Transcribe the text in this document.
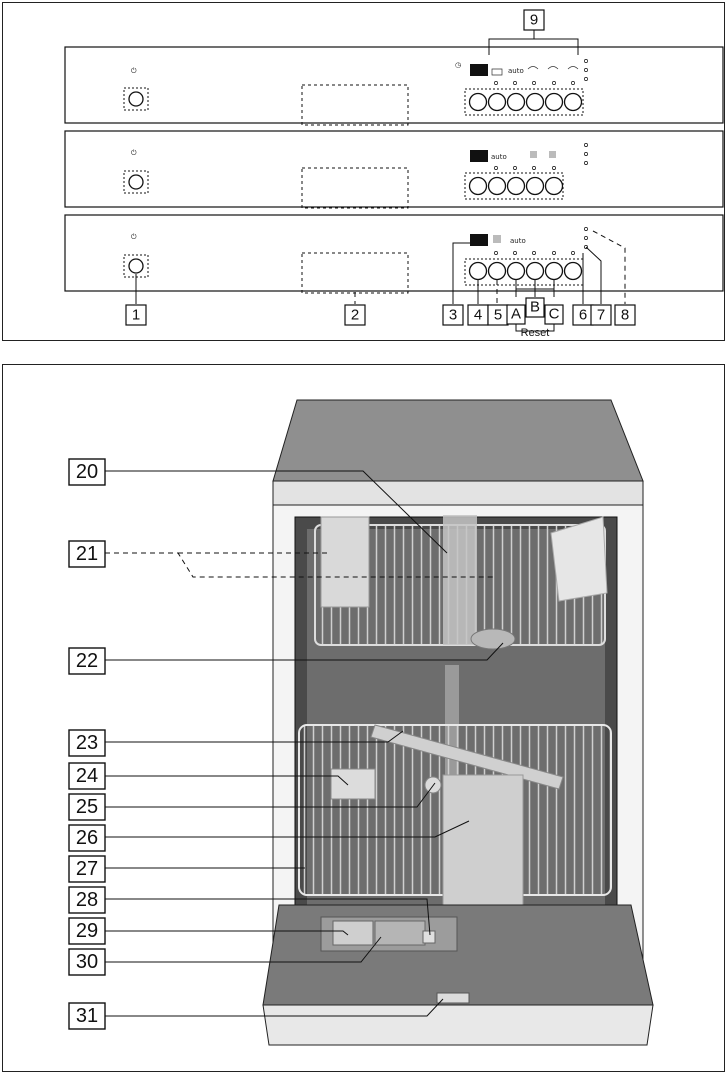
⏻
◷
auto
⏻	auto
⏻	auto
9
1	2	3 4 5 A B C 6 7 8
Reset
20
21
22
23
24
25
26
27
28
29
30
31
